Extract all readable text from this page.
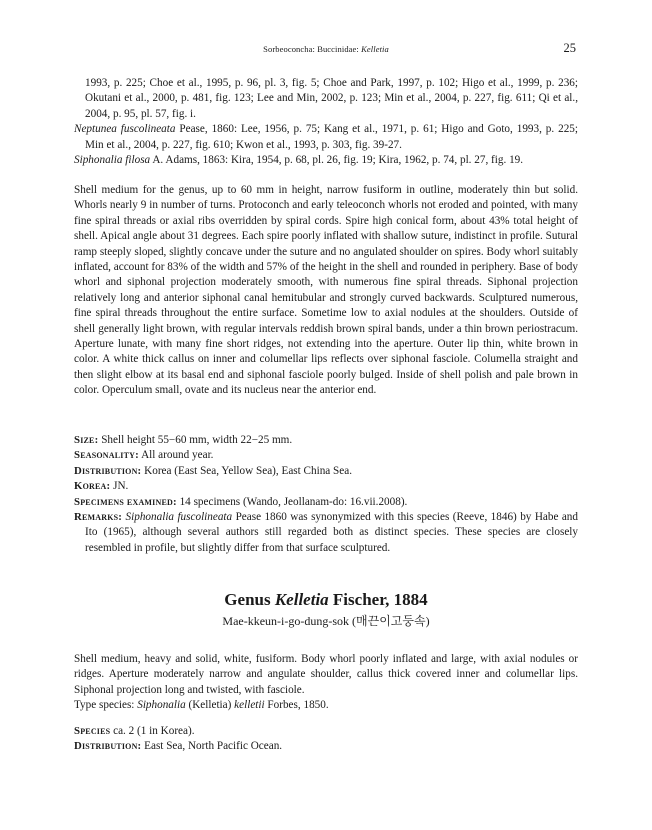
Sorbeoconcha: Buccinidae: Kelletia	25

1993, p. 225; Choe et al., 1995, p. 96, pl. 3, fig. 5; Choe and Park, 1997, p. 102; Higo et al., 1999, p. 236; Okutani et al., 2000, p. 481, fig. 123; Lee and Min, 2002, p. 123; Min et al., 2004, p. 227, fig. 611; Qi et al., 2004, p. 95, pl. 57, fig. i.

Neptunea fuscolineata Pease, 1860: Lee, 1956, p. 75; Kang et al., 1971, p. 61; Higo and Goto, 1993, p. 225; Min et al., 2004, p. 227, fig. 610; Kwon et al., 1993, p. 303, fig. 39-27.

Siphonalia filosa A. Adams, 1863: Kira, 1954, p. 68, pl. 26, fig. 19; Kira, 1962, p. 74, pl. 27, fig. 19.

Shell medium for the genus, up to 60 mm in height, narrow fusiform in outline, moderately thin but solid. Whorls nearly 9 in number of turns. Protoconch and early teleoconch whorls not eroded and pointed, with many fine spiral threads or axial ribs overridden by spiral cords. Spire high conical form, about 43% total height of shell. Apical angle about 31 degrees. Each spire poorly inflated with shallow suture, indistinct in profile. Sutural ramp steeply sloped, slightly concave under the suture and no angulated shoulder on spires. Body whorl suitably inflated, account for 83% of the width and 57% of the height in the shell and rounded in periphery. Base of body whorl and siphonal projection moderately smooth, with numerous fine spiral threads. Siphonal projection relatively long and anterior siphonal canal hemitubular and strongly curved backwards. Sculptured numerous, fine spiral threads throughout the entire surface. Sometime low to axial nodules at the shoulders. Outside of shell generally light brown, with regular intervals reddish brown spiral bands, under a thin brown periostracum. Aperture lunate, with many fine short ridges, not extending into the aperture. Outer lip thin, white brown in color. A white thick callus on inner and columellar lips reflects over siphonal fasciole. Columella straight and then slight elbow at its basal end and siphonal fasciole poorly bulged. Inside of shell polish and pale brown in color. Operculum small, ovate and its nucleus near the anterior end.

Size: Shell height 55−60 mm, width 22−25 mm.

Seasonality: All around year.

Distribution: Korea (East Sea, Yellow Sea), East China Sea.

Korea: JN.

Specimens examined: 14 specimens (Wando, Jeollanam-do: 16.vii.2008).

Remarks: Siphonalia fuscolineata Pease 1860 was synonymized with this species (Reeve, 1846) by Habe and Ito (1965), although several authors still regarded both as distinct species. These species are closely resembled in profile, but slightly differ from that surface sculptured.

Genus Kelletia Fischer, 1884
Mae-kkeun-i-go-dung-sok (매끈이고둥속)

Shell medium, heavy and solid, white, fusiform. Body whorl poorly inflated and large, with axial nodules or ridges. Aperture moderately narrow and angulate shoulder, callus thick covered inner and columellar lips. Siphonal projection long and twisted, with fasciole.

Type species: Siphonalia (Kelletia) kelletii Forbes, 1850.

Species ca. 2 (1 in Korea).

Distribution: East Sea, North Pacific Ocean.
